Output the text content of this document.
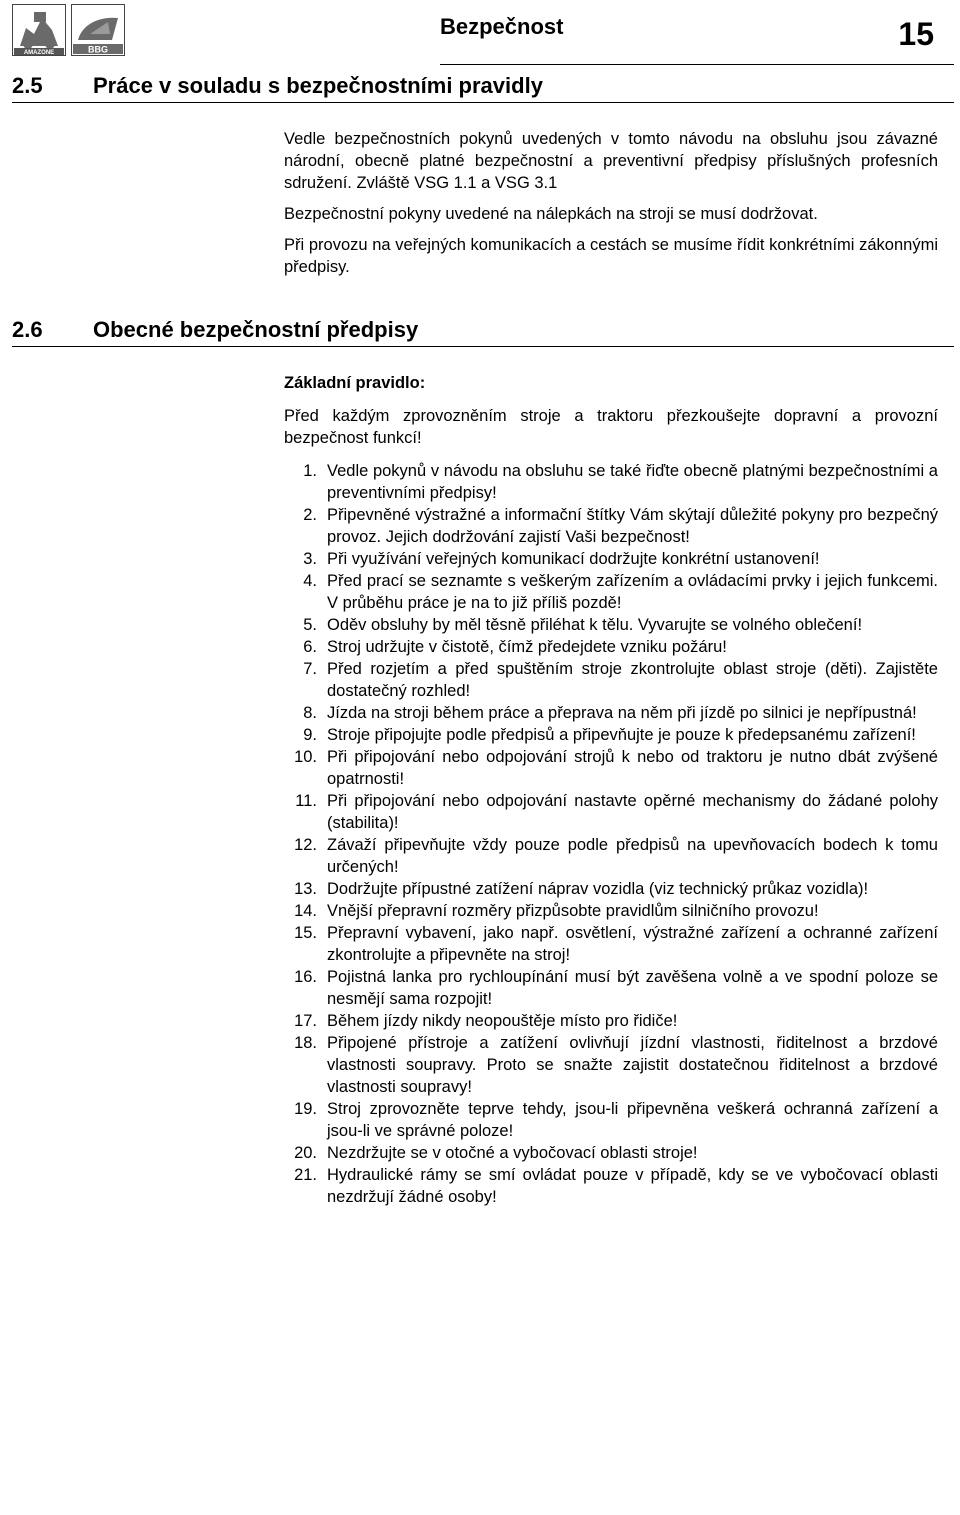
AMAZONE	BBG
Bezpečnost	15
2.5 Práce v souladu s bezpečnostními pravidly

Vedle bezpečnostních pokynů uvedených v tomto návodu na obsluhu jsou závazné národní, obecně platné bezpečnostní a preventivní předpisy příslušných profesních sdružení. Zvláště VSG 1.1 a VSG 3.1

Bezpečnostní pokyny uvedené na nálepkách na stroji se musí dodržovat.

Při provozu na veřejných komunikacích a cestách se musíme řídit konkrétními zákonnými předpisy.

2.6 Obecné bezpečnostní předpisy

Základní pravidlo:

Před každým zprovozněním stroje a traktoru přezkoušejte dopravní a provozní bezpečnost funkcí!

1. Vedle pokynů v návodu na obsluhu se také řiďte obecně platnými bezpečnostními a preventivními předpisy!
2. Připevněné výstražné a informační štítky Vám skýtají důležité pokyny pro bezpečný provoz. Jejich dodržování zajistí Vaši bezpečnost!
3. Při využívání veřejných komunikací dodržujte konkrétní ustanovení!
4. Před prací se seznamte s veškerým zařízením a ovládacími prvky i jejich funkcemi. V průběhu práce je na to již příliš pozdě!
5. Oděv obsluhy by měl těsně přiléhat k tělu. Vyvarujte se volného oblečení!
6. Stroj udržujte v čistotě, čímž předejdete vzniku požáru!
7. Před rozjetím a před spuštěním stroje zkontrolujte oblast stroje (děti). Zajistěte dostatečný rozhled!
8. Jízda na stroji během práce a přeprava na něm při jízdě po silnici je nepřípustná!
9. Stroje připojujte podle předpisů a připevňujte je pouze k předepsanému zařízení!
10. Při připojování nebo odpojování strojů k nebo od traktoru je nutno dbát zvýšené opatrnosti!
11. Při připojování nebo odpojování nastavte opěrné mechanismy do žádané polohy (stabilita)!
12. Závaží připevňujte vždy pouze podle předpisů na upevňovacích bodech k tomu určených!
13. Dodržujte přípustné zatížení náprav vozidla (viz technický průkaz vozidla)!
14. Vnější přepravní rozměry přizpůsobte pravidlům silničního provozu!
15. Přepravní vybavení, jako např. osvětlení, výstražné zařízení a ochranné zařízení zkontrolujte a připevněte na stroj!
16. Pojistná lanka pro rychloupínání musí být zavěšena volně a ve spodní poloze se nesmějí sama rozpojit!
17. Během jízdy nikdy neopouštěje místo pro řidiče!
18. Připojené přístroje a zatížení ovlivňují jízdní vlastnosti, řiditelnost a brzdové vlastnosti soupravy. Proto se snažte zajistit dostatečnou řiditelnost a brzdové vlastnosti soupravy!
19. Stroj zprovozněte teprve tehdy, jsou-li připevněna veškerá ochranná zařízení a jsou-li ve správné poloze!
20. Nezdržujte se v otočné a vybočovací oblasti stroje!
21. Hydraulické rámy se smí ovládat pouze v případě, kdy se ve vybočovací oblasti nezdržují žádné osoby!
